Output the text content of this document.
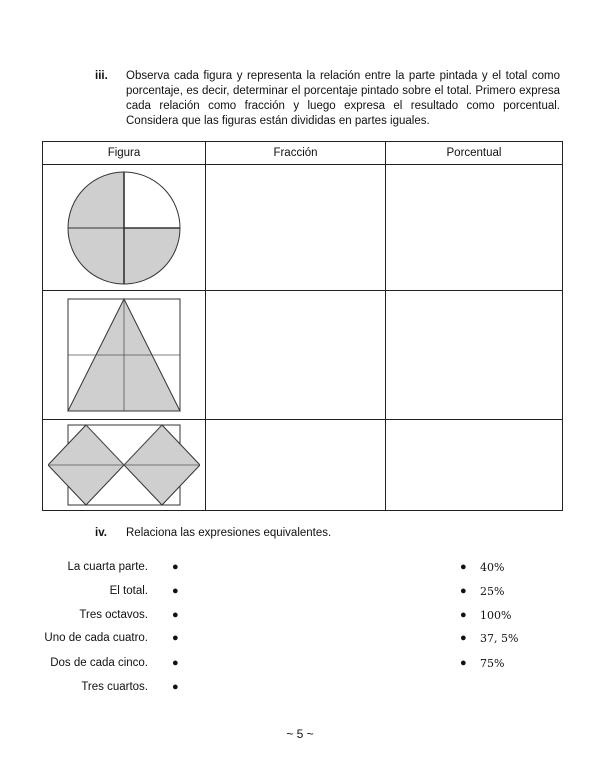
iii. Observa cada figura y representa la relación entre la parte pintada y el total como porcentaje, es decir, determinar el porcentaje pintado sobre el total. Primero expresa cada relación como fracción y luego expresa el resultado como porcentual. Considera que las figuras están divididas en partes iguales.
Figura	Fracción	Porcentual

iv. Relaciona las expresiones equivalentes.
La cuarta parte. ●
El total. ●
Tres octavos. ●
Uno de cada cuatro. ●
Dos de cada cinco. ●
Tres cuartos. ●
● 40%
● 25%
● 100%
● 37, 5%
● 75%
~ 5 ~
